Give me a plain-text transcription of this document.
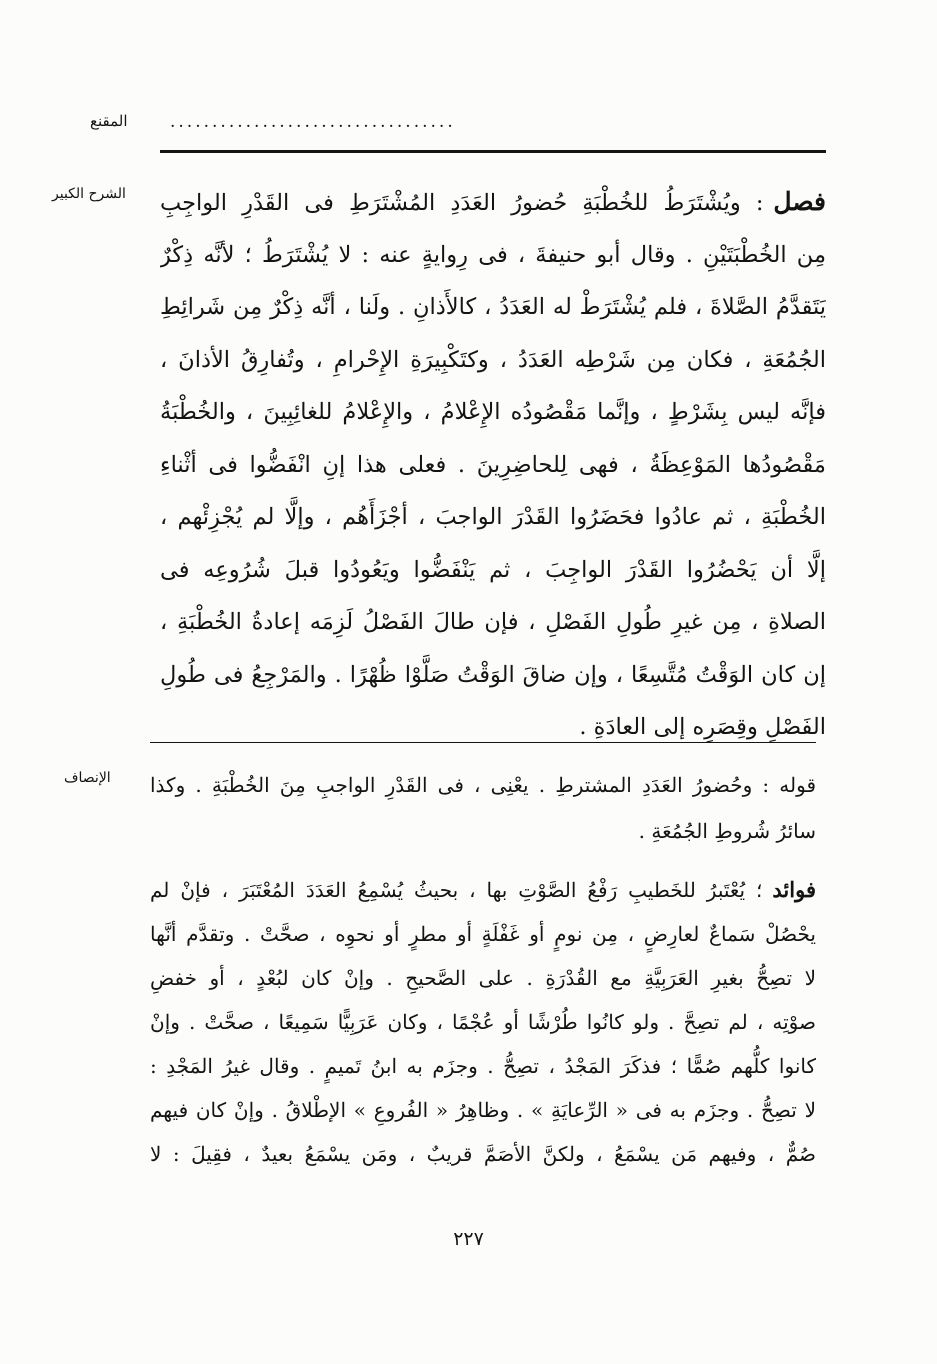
المقنع ..................................
الشرح الكبير	فصل: ويُشْتَرَطُ للخُطْبَةِ حُضورُ العَدَدِ المُشْتَرَطِ فى القَدْرِ الواجِبِ
مِن الخُطْبَتَيْنِ . وقال أبو حنيفةَ ، فى رِوايةٍ عنه : لا يُشْتَرَطُ ؛ لأنَّه ذِكْرٌ
يَتَقدَّمُ الصَّلاةَ ، فلم يُشْتَرَطْ له العَدَدُ ، كالأَذانِ . ولَنا ، أنَّه ذِكْرٌ مِن شَرائِطِ
الجُمُعَةِ ، فكان مِن شَرْطِه العَدَدُ ، وكتَكْبِيرَةِ الإِحْرامِ ، وتُفارِقُ الأذانَ ،
فإنَّه ليس بِشَرْطٍ ، وإنَّما مَقْصُودُه الإِعْلامُ ، والإِعْلامُ للغائِبِينَ ، والخُطْبَةُ
مَقْصُودُها المَوْعِظَةُ ، فهى لِلحاضِرِينَ . فعلى هذا إنِ انْفَضُّوا فى أثْناءِ
الخُطْبَةِ ، ثم عادُوا فحَضَرُوا القَدْرَ الواجبَ ، أجْزَأَهُم ، وإلَّا لم يُجْزِئْهم ،
إلَّا أن يَحْضُرُوا القَدْرَ الواجِبَ ، ثم يَنْفَضُّوا ويَعُودُوا قبلَ شُرُوعِه فى
الصلاةِ ، مِن غيرِ طُولِ الفَصْلِ ، فإن طالَ الفَصْلُ لَزِمَه إعادةُ الخُطْبَةِ ،
إن كان الوَقْتُ مُتَّسِعًا ، وإن ضاقَ الوَقْتُ صَلَّوْا ظُهْرًا . والمَرْجِعُ فى طُولِ
الفَصْلِ وقِصَرِه إلى العادَةِ .
الإنصاف قوله : وحُضورُ العَدَدِ المشترطِ . يعْنِى ، فى القَدْرِ الواجبِ مِنَ الخُطْبَةِ . وكذا
سائرُ شُروطِ الجُمُعَةِ .
فوائد؛ يُعْتَبرُ للخَطيبِ رَفْعُ الصَّوْتِ بها ، بحيثُ يُسْمِعُ العَدَدَ المُعْتَبَرَ ، فإنْ لم
يحْصُلْ سَماعٌ لعارِضٍ ، مِن نومٍ أو غَفْلَةٍ أو مطرٍ أو نحوِه ، صحَّتْ . وتقدَّم أنَّها
لا تصِحُّ بغيرِ العَرَبِيَّةِ مع القُدْرَةِ . على الصَّحيحِ . وإنْ كان لبُعْدٍ ، أو خفضِ
صوْتِه ، لم تصِحَّ . ولو كانُوا طُرْشًا أو عُجْمًا ، وكان عَرَبِيًّا سَمِيعًا ، صحَّتْ . وإنْ
كانوا كلُّهم صُمًّا ؛ فذكَرَ المَجْدُ ، تصِحُّ . وجزَم به ابنُ تَميمٍ . وقال غيرُ المَجْدِ :
لا تصِحُّ . وجزَم به فى « الرِّعايَةِ » . وظاهِرُ « الفُروعِ » الإطْلاقُ . وإنْ كان فيهم
صُمٌّ ، وفيهم مَن يسْمَعُ ، ولكنَّ الأصَمَّ قريبٌ ، ومَن يسْمَعُ بعيدٌ ، فقِيلَ : لا
٢٢٧
